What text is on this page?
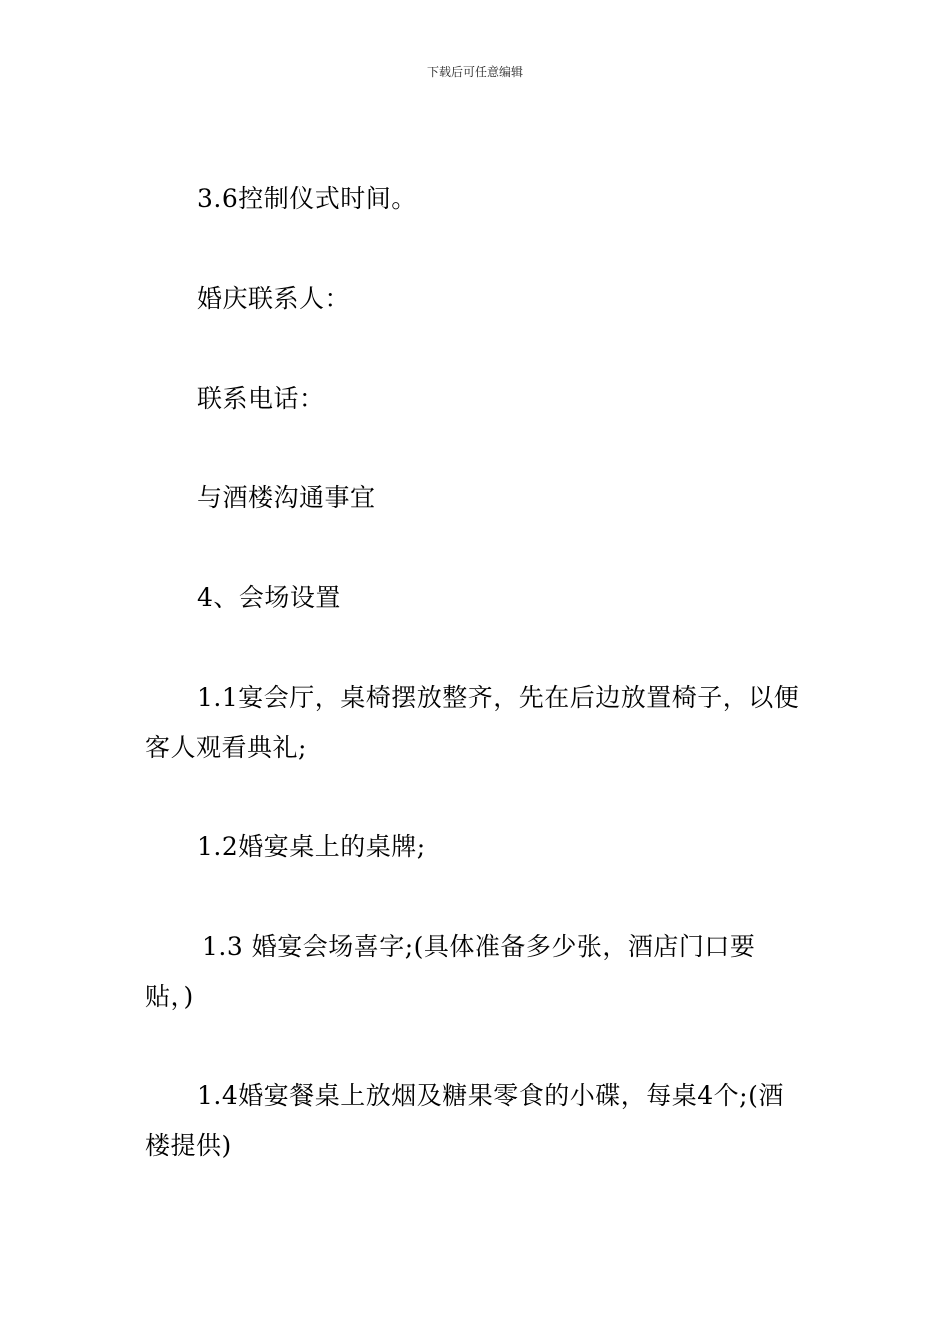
下载后可任意编辑
3.6控制仪式时间。
婚庆联系人：
联系电话：
与酒楼沟通事宜
4、会场设置
1.1宴会厅，桌椅摆放整齐，先在后边放置椅子，以便
客人观看典礼;
1.2婚宴桌上的桌牌;
1.3 婚宴会场喜字;(具体准备多少张，酒店门口要
贴，)
1.4婚宴餐桌上放烟及糖果零食的小碟，每桌4个;(酒
楼提供)
